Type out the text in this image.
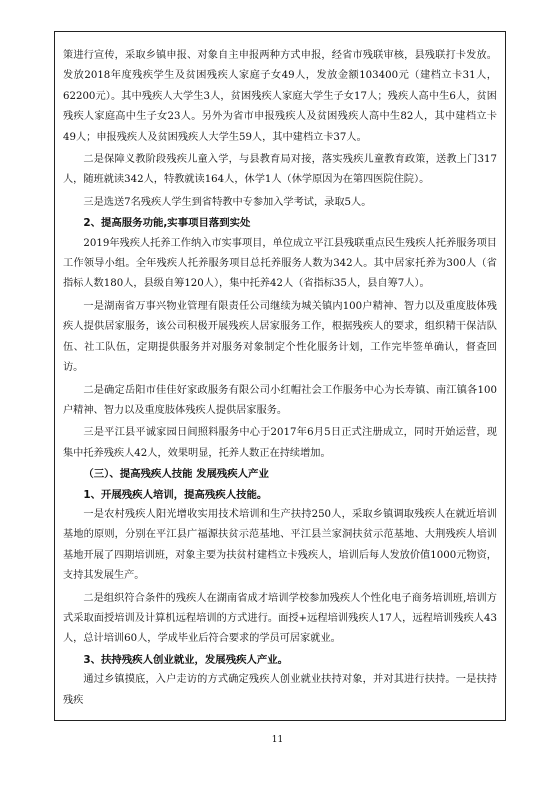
策进行宣传，采取乡镇申报、对象自主申报两种方式申报，经省市残联审核，县残联打卡发放。发放2018年度残疾学生及贫困残疾人家庭子女49人，发放金额103400元（建档立卡31人，62200元）。其中残疾人大学生3人，贫困残疾人家庭大学生子女17人；残疾人高中生6人，贫困残疾人家庭高中生子女23人。另外为省市申报残疾人及贫困残疾人高中生82人，其中建档立卡49人；申报残疾人及贫困残疾人大学生59人，其中建档立卡37人。

二是保障义教阶段残疾儿童入学，与县教育局对接，落实残疾儿童教育政策，送教上门317人，随班就读342人，特教就读164人，休学1人（休学原因为在第四医院住院）。

三是选送7名残疾人学生到省特教中专参加入学考试，录取5人。

2、提高服务功能,实事项目落到实处

2019年残疾人托养工作纳入市实事项目，单位成立平江县残联重点民生残疾人托养服务项目工作领导小组。全年残疾人托养服务项目总托养服务人数为342人。其中居家托养为300人（省指标人数180人，县级自筹120人），集中托养42人（省指标35人，县自筹7人）。

一是湖南省万事兴物业管理有限责任公司继续为城关镇内100户精神、智力以及重度肢体残疾人提供居家服务，该公司积极开展残疾人居家服务工作，根据残疾人的要求，组织精干保洁队伍、社工队伍，定期提供服务并对服务对象制定个性化服务计划，工作完毕签单确认，督查回访。

二是确定岳阳市佳佳好家政服务有限公司小红帽社会工作服务中心为长寿镇、南江镇各100户精神、智力以及重度肢体残疾人提供居家服务。

三是平江县平诚家园日间照料服务中心于2017年6月5日正式注册成立，同时开始运营，现集中托养残疾人42人，效果明显，托养人数正在持续增加。

（三）、提高残疾人技能 发展残疾人产业

1、开展残疾人培训，提高残疾人技能。

一是农村残疾人阳光增收实用技术培训和生产扶持250人，采取乡镇调取残疾人在就近培训基地的原则，分别在平江县广福源扶贫示范基地、平江县兰家洞扶贫示范基地、大荆残疾人培训基地开展了四期培训班，对象主要为扶贫村建档立卡残疾人，培训后每人发放价值1000元物资，支持其发展生产。

二是组织符合条件的残疾人在湖南省成才培训学校参加残疾人个性化电子商务培训班,培训方式采取面授培训及计算机远程培训的方式进行。面授+远程培训残疾人17人，远程培训残疾人43人，总计培训60人，学成毕业后符合要求的学员可居家就业。

3、扶持残疾人创业就业，发展残疾人产业。

通过乡镇摸底，入户走访的方式确定残疾人创业就业扶持对象，并对其进行扶持。一是扶持残疾

11
